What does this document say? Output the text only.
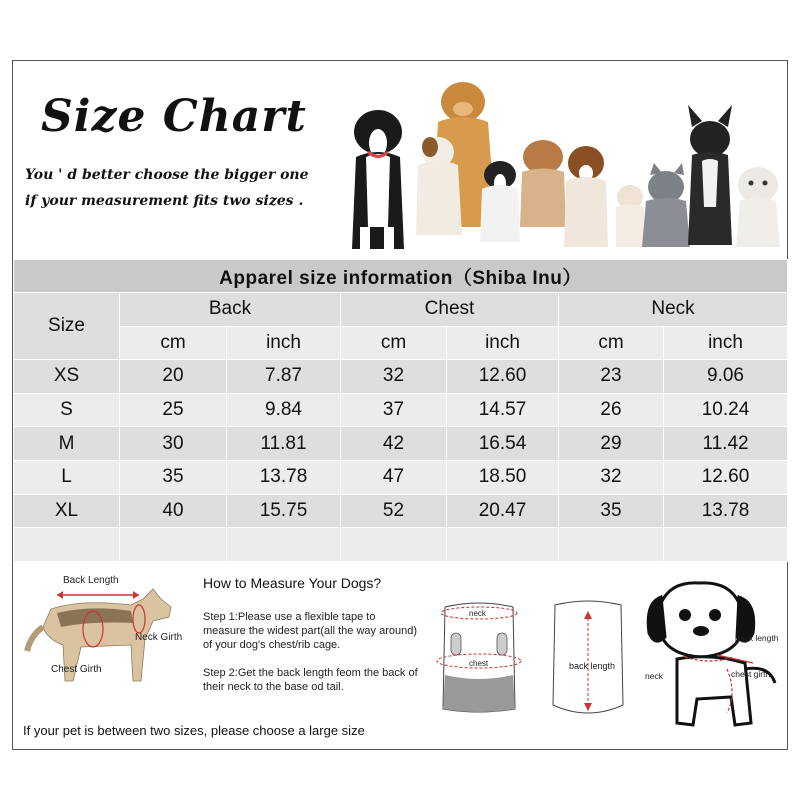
Size Chart
You ' d better choose the bigger one
if your measurement fits two sizes .
Apparel size information（Shiba Inu）						
Size	Back		Chest		Neck	
	cm	inch	cm	inch	cm	inch
XS	20	7.87	32	12.60	23	9.06
S	25	9.84	37	14.57	26	10.24
M	30	11.81	42	16.54	29	11.42
L	35	13.78	47	18.50	32	12.60
XL	40	15.75	52	20.47	35	13.78

Back Length
Neck Girth
Chest Girth
How to Measure Your Dogs?
Step 1:Please use a flexible tape to measure the widest part(all the way around) of your dog's chest/rib cage.
Step 2:Get the back length feom the back of their neck to the base od tail.
neck
chest	back length
back length
neck	chest girth
If your pet is between two sizes, please choose a large size
